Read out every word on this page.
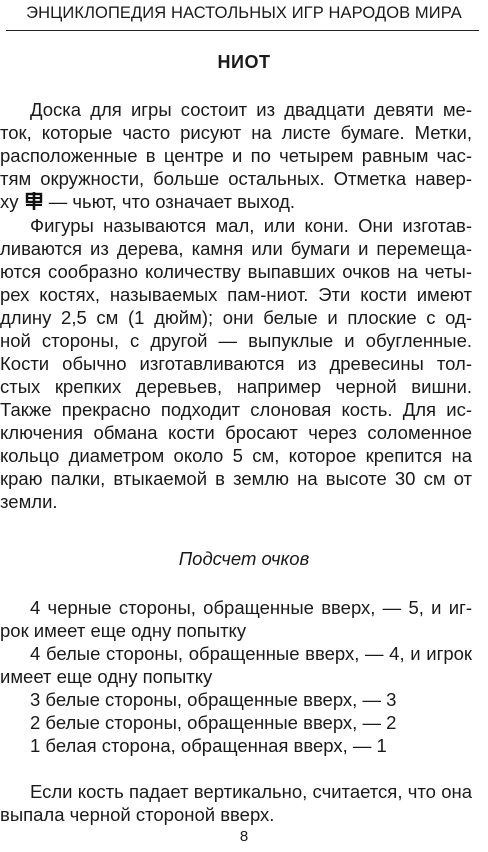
ЭНЦИКЛОПЕДИЯ НАСТОЛЬНЫХ ИГР НАРОДОВ МИРА
НИОТ
Доска для игры состоит из двадцати девяти ме-
ток, которые часто рисуют на листе бумаге. Метки,
расположенные в центре и по четырем равным час-
тям окружности, больше остальных. Отметка навер-
ху — чьют, что означает выход.
Фигуры называются мал, или кони. Они изготав-
ливаются из дерева, камня или бумаги и перемеща-
ются сообразно количеству выпавших очков на четы-
рех костях, называемых пам-ниот. Эти кости имеют
длину 2,5 см (1 дюйм); они белые и плоские с од-
ной стороны, с другой — выпуклые и обугленные.
Кости обычно изготавливаются из древесины тол-
стых крепких деревьев, например черной вишни.
Также прекрасно подходит слоновая кость. Для ис-
ключения обмана кости бросают через соломенное
кольцо диаметром около 5 см, которое крепится на
краю палки, втыкаемой в землю на высоте 30 см от
земли.
Подсчет очков
4 черные стороны, обращенные вверх, — 5, и иг-
рок имеет еще одну попытку
4 белые стороны, обращенные вверх, — 4, и игрок
имеет еще одну попытку
3 белые стороны, обращенные вверх, — 3
2 белые стороны, обращенные вверх, — 2
1 белая сторона, обращенная вверх, — 1
Если кость падает вертикально, считается, что она
выпала черной стороной вверх.
8
